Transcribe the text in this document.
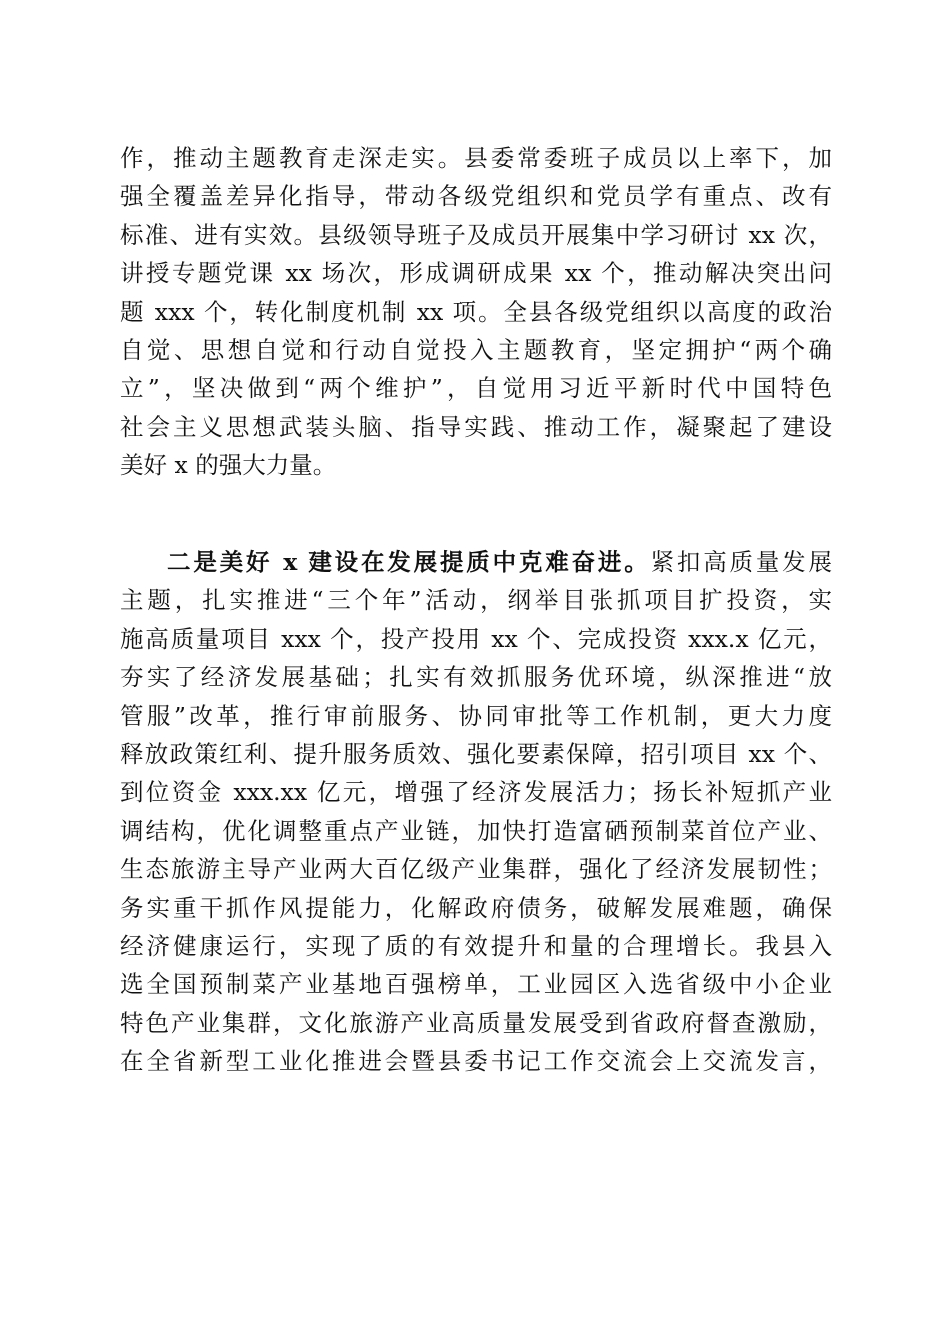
作，推动主题教育走深走实。县委常委班子成员以上率下，加
强全覆盖差异化指导，带动各级党组织和党员学有重点、改有
标准、进有实效。县级领导班子及成员开展集中学习研讨 xx 次，
讲授专题党课 xx 场次，形成调研成果 xx 个，推动解决突出问
题 xxx 个，转化制度机制 xx 项。全县各级党组织以高度的政治
自觉、思想自觉和行动自觉投入主题教育，坚定拥护“两个确
立”，坚决做到“两个维护”，自觉用习近平新时代中国特色
社会主义思想武装头脑、指导实践、推动工作，凝聚起了建设
美好 x 的强大力量。
二是美好 x 建设在发展提质中克难奋进。紧扣高质量发展
主题，扎实推进“三个年”活动，纲举目张抓项目扩投资，实
施高质量项目 xxx 个，投产投用 xx 个、完成投资 xxx.x 亿元，
夯实了经济发展基础；扎实有效抓服务优环境，纵深推进“放
管服”改革，推行审前服务、协同审批等工作机制，更大力度
释放政策红利、提升服务质效、强化要素保障，招引项目 xx 个、
到位资金 xxx.xx 亿元，增强了经济发展活力；扬长补短抓产业
调结构，优化调整重点产业链，加快打造富硒预制菜首位产业、
生态旅游主导产业两大百亿级产业集群，强化了经济发展韧性；
务实重干抓作风提能力，化解政府债务，破解发展难题，确保
经济健康运行，实现了质的有效提升和量的合理增长。我县入
选全国预制菜产业基地百强榜单，工业园区入选省级中小企业
特色产业集群，文化旅游产业高质量发展受到省政府督查激励，
在全省新型工业化推进会暨县委书记工作交流会上交流发言，
